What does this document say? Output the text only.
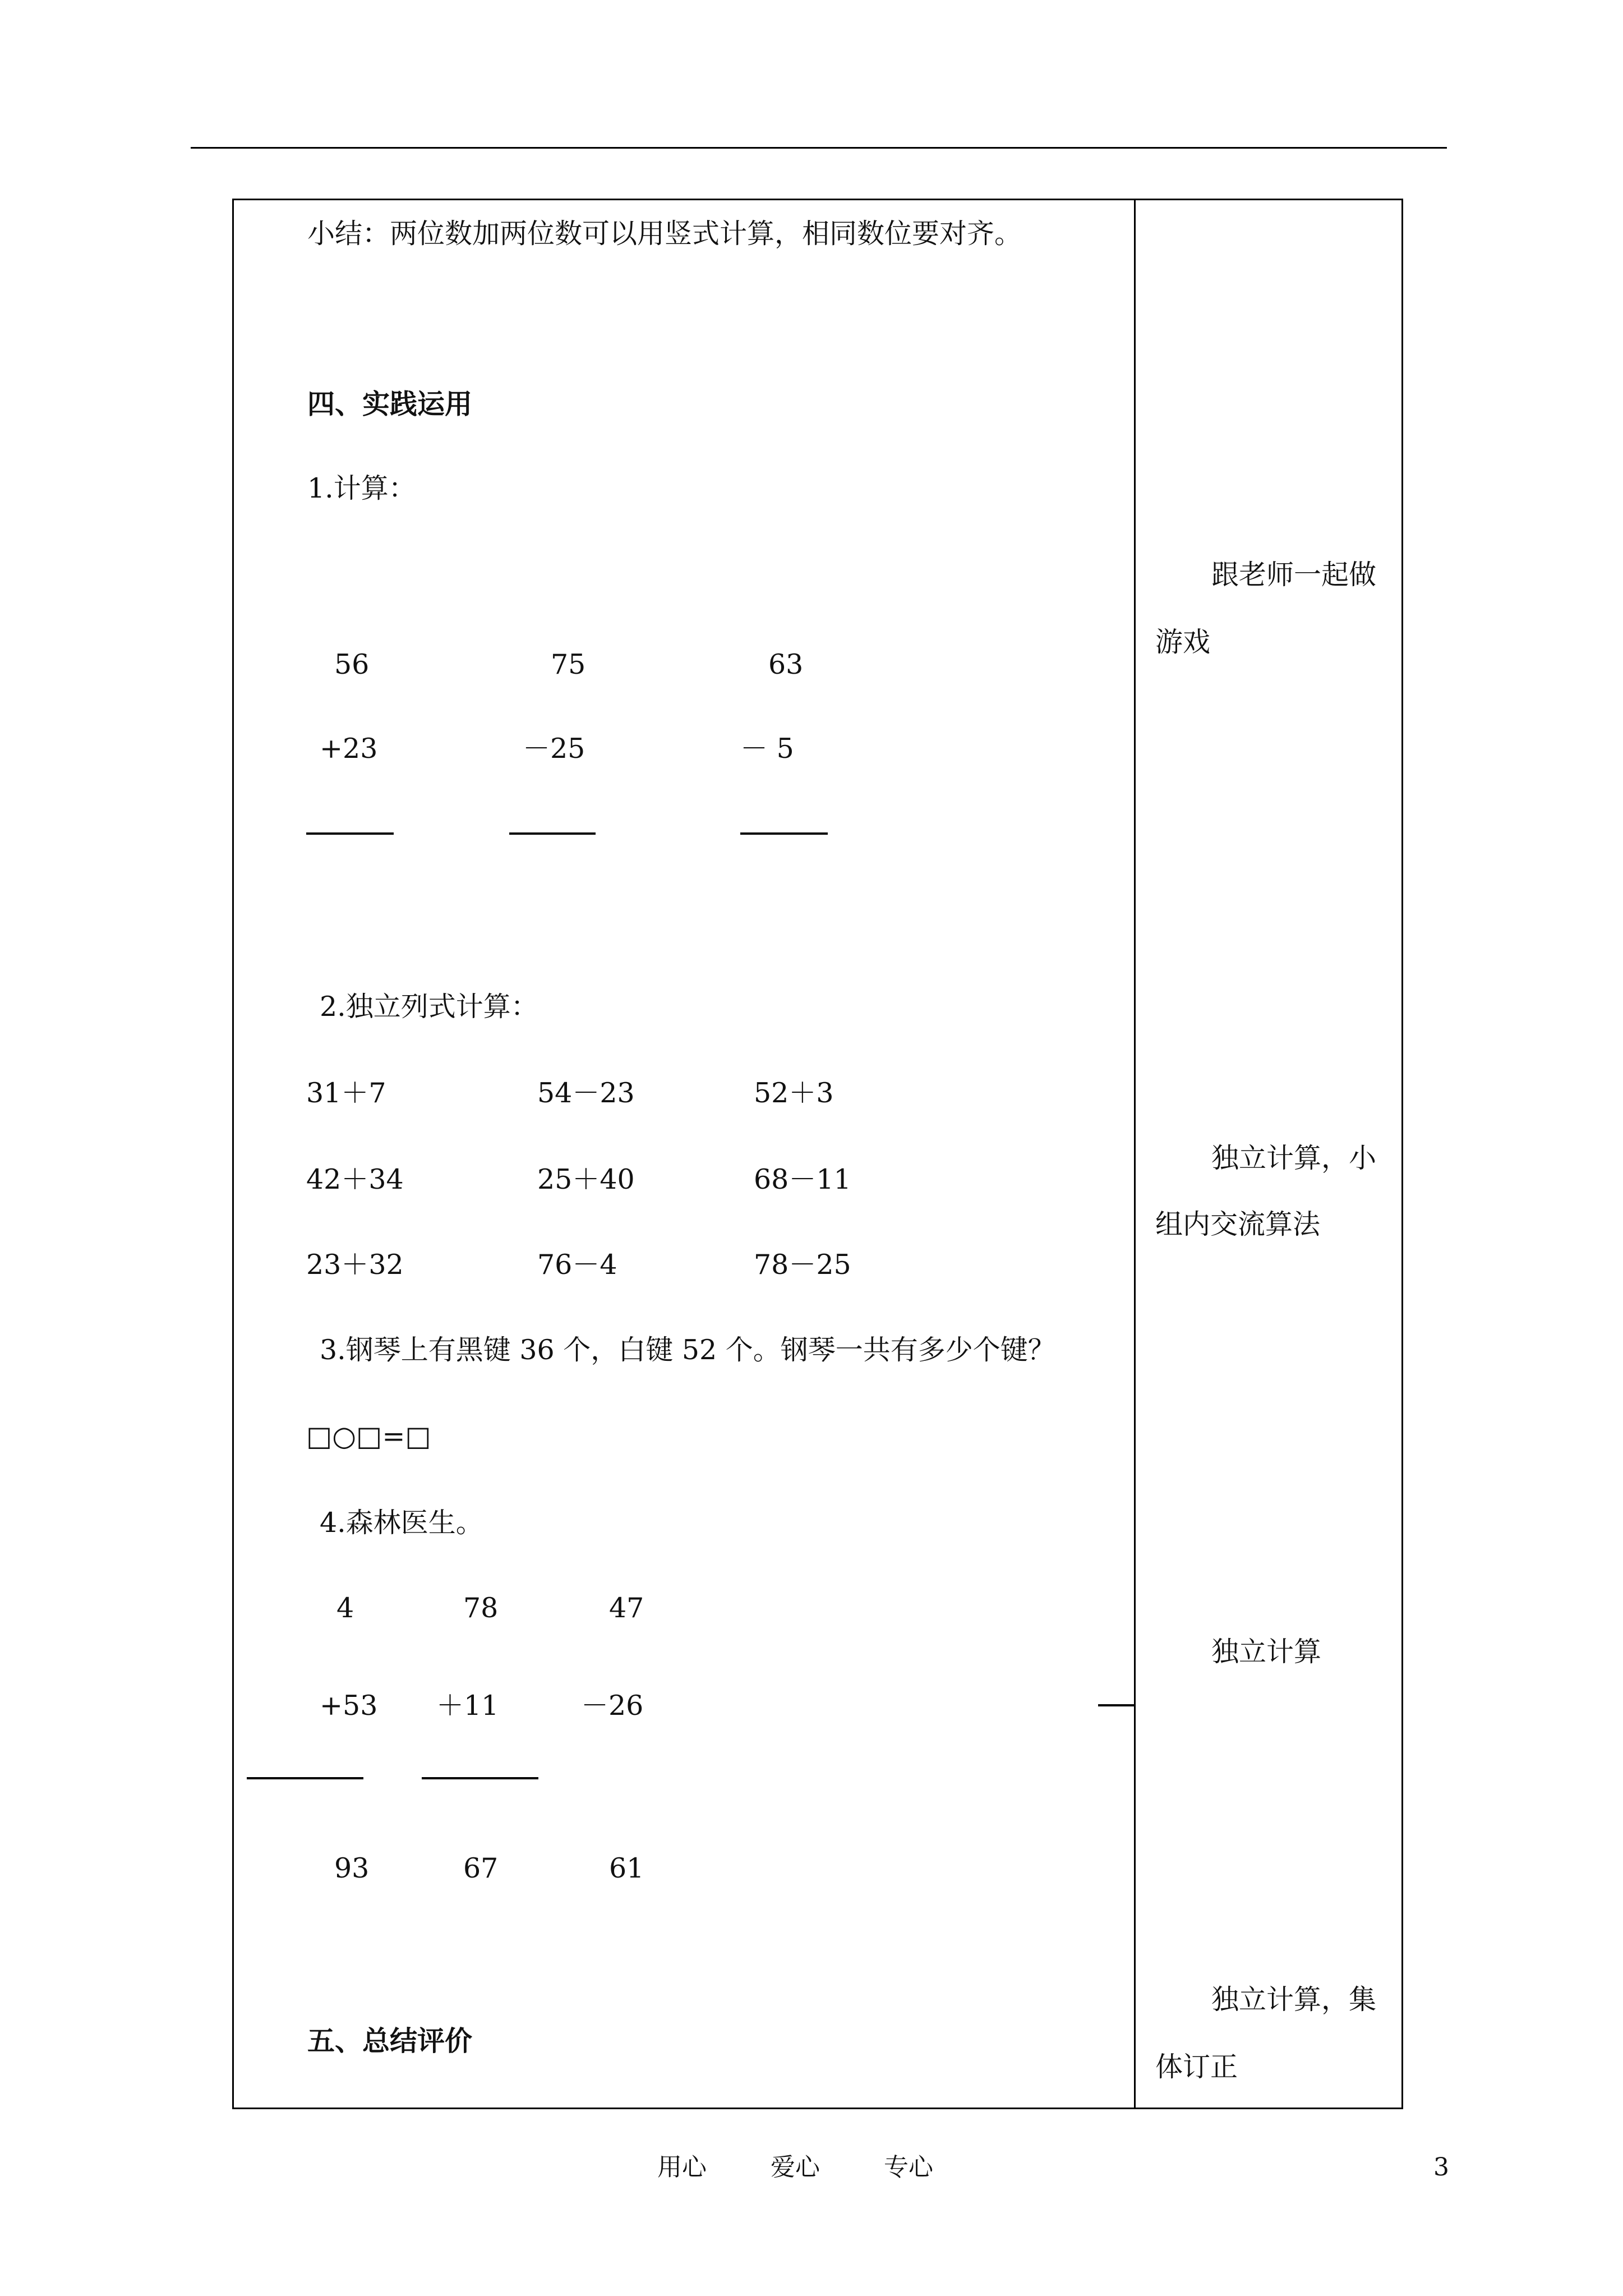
小结：两位数加两位数可以用竖式计算，相同数位要对齐。
四、实践运用
1.计算：
56	75	63
+23	－25	－ 5
2.独立列式计算：
31＋7	54－23	52＋3
42＋34	25＋40	68－11
23＋32	76－4	78－25
3.钢琴上有黑键 36 个，白键 52 个。钢琴一共有多少个键？
□○□=□
4.森林医生。
4	78	47
+53 ＋11	－26
93	67	61
五、总结评价
跟老师一起做
游戏
独立计算，小
组内交流算法
独立计算
独立计算，集
体订正
用心	爱心	专心	3
